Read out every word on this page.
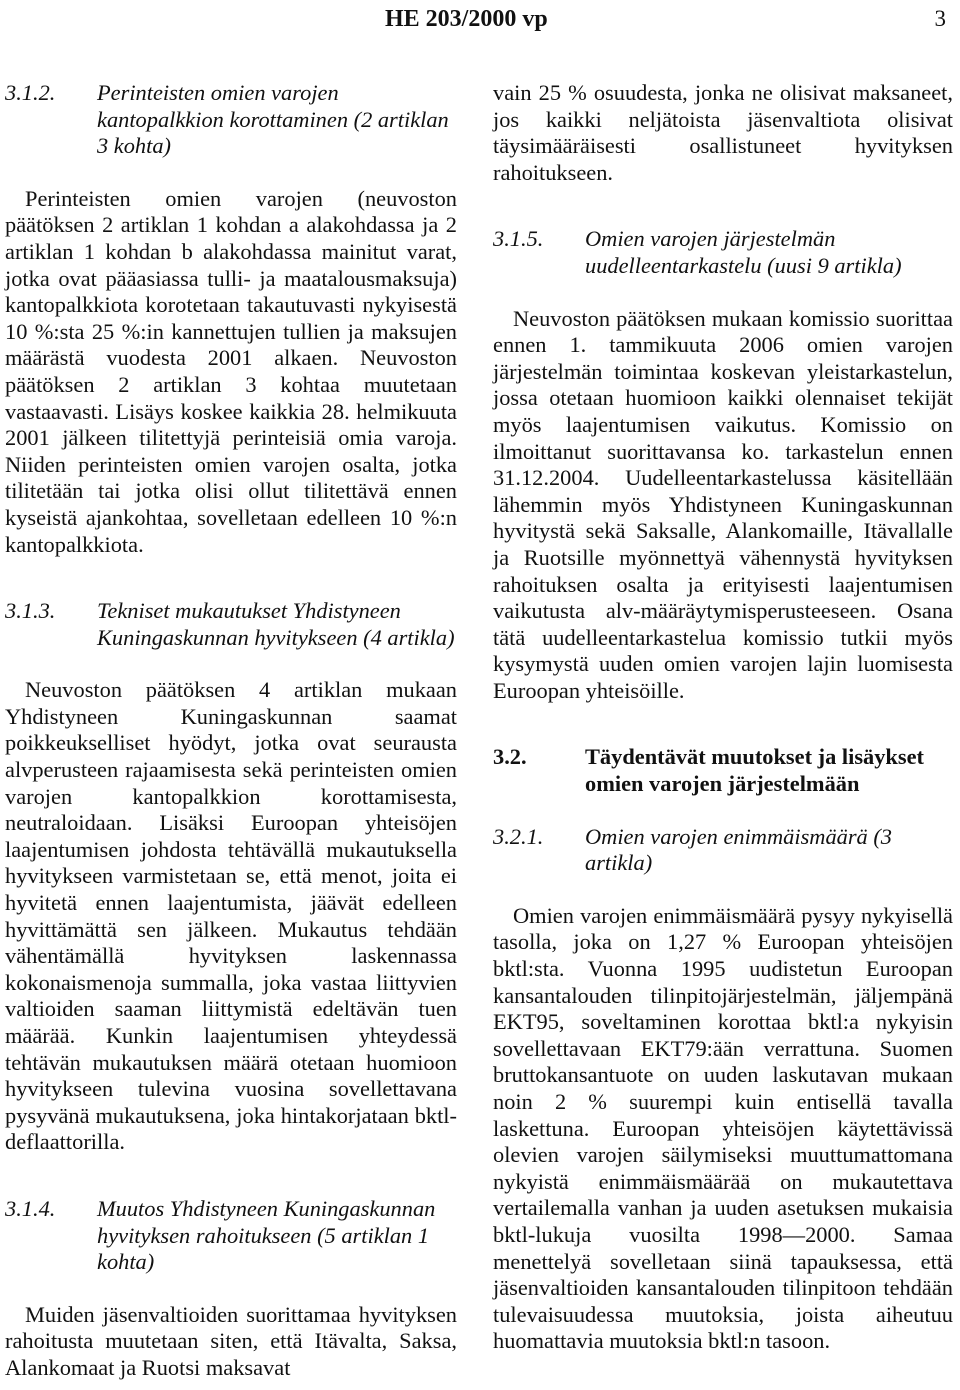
HE 203/2000 vp	3
3.1.2.	Perinteisten omien varojen kantopalkkion korottaminen (2 artiklan 3 kohta)

Perinteisten omien varojen (neuvoston päätöksen 2 artiklan 1 kohdan a alakohdassa ja 2 artiklan 1 kohdan b alakohdassa mainitut varat, jotka ovat pääasiassa tulli- ja maatalousmaksuja) kantopalkkiota korotetaan takautuvasti nykyisestä 10 %:sta 25 %:in kannettujen tullien ja maksujen määrästä vuodesta 2001 alkaen. Neuvoston päätöksen 2 artiklan 3 kohtaa muutetaan vastaavasti. Lisäys koskee kaikkia 28. helmikuuta 2001 jälkeen tilitettyjä perinteisiä omia varoja. Niiden perinteisten omien varojen osalta, jotka tilitetään tai jotka olisi ollut tilitettävä ennen kyseistä ajankohtaa, sovelletaan edelleen 10 %:n kantopalkkiota.

3.1.3.	Tekniset mukautukset Yhdistyneen Kuningaskunnan hyvitykseen (4 artikla)

Neuvoston päätöksen 4 artiklan mukaan Yhdistyneen Kuningaskunnan saamat poikkeukselliset hyödyt, jotka ovat seurausta alvperusteen rajaamisesta sekä perinteisten omien varojen kantopalkkion korottamisesta, neutraloidaan. Lisäksi Euroopan yhteisöjen laajentumisen johdosta tehtävällä mukautuksella hyvitykseen varmistetaan se, että menot, joita ei hyvitetä ennen laajentumista, jäävät edelleen hyvittämättä sen jälkeen. Mukautus tehdään vähentämällä hyvityksen laskennassa kokonaismenoja summalla, joka vastaa liittyvien valtioiden saaman liittymistä edeltävän tuen määrää. Kunkin laajentumisen yhteydessä tehtävän mukautuksen määrä otetaan huomioon hyvitykseen tulevina vuosina sovellettavana pysyvänä mukautuksena, joka hintakorjataan bktl-deflaattorilla.

3.1.4.	Muutos Yhdistyneen Kuningaskunnan hyvityksen rahoitukseen (5 artiklan 1 kohta)

Muiden jäsenvaltioiden suorittamaa hyvityksen rahoitusta muutetaan siten, että Itävalta, Saksa, Alankomaat ja Ruotsi maksavat

vain 25 % osuudesta, jonka ne olisivat maksaneet, jos kaikki neljätoista jäsenvaltiota olisivat täysimääräisesti osallistuneet hyvityksen rahoitukseen.

3.1.5.	Omien varojen järjestelmän uudelleentarkastelu (uusi 9 artikla)

Neuvoston päätöksen mukaan komissio suorittaa ennen 1. tammikuuta 2006 omien varojen järjestelmän toimintaa koskevan yleistarkastelun, jossa otetaan huomioon kaikki olennaiset tekijät myös laajentumisen vaikutus. Komissio on ilmoittanut suorittavansa ko. tarkastelun ennen 31.12.2004. Uudelleentarkastelussa käsitellään lähemmin myös Yhdistyneen Kuningaskunnan hyvitystä sekä Saksalle, Alankomaille, Itävallalle ja Ruotsille myönnettyä vähennystä hyvityksen rahoituksen osalta ja erityisesti laajentumisen vaikutusta alv-määräytymisperusteeseen. Osana tätä uudelleentarkastelua komissio tutkii myös kysymystä uuden omien varojen lajin luomisesta Euroopan yhteisöille.

3.2.	Täydentävät muutokset ja lisäykset omien varojen järjestelmään
3.2.1.	Omien varojen enimmäismäärä (3 artikla)

Omien varojen enimmäismäärä pysyy nykyisellä tasolla, joka on 1,27 % Euroopan yhteisöjen bktl:sta. Vuonna 1995 uudistetun Euroopan kansantalouden tilinpitojärjestelmän, jäljempänä EKT95, soveltaminen korottaa bktl:a nykyisin sovellettavaan EKT79:ään verrattuna. Suomen bruttokansantuote on uuden laskutavan mukaan noin 2 % suurempi kuin entisellä tavalla laskettuna. Euroopan yhteisöjen käytettävissä olevien varojen säilymiseksi muuttumattomana nykyistä enimmäismäärää on mukautettava vertailemalla vanhan ja uuden asetuksen mukaisia bktl-lukuja vuosilta 1998—2000. Samaa menettelyä sovelletaan siinä tapauksessa, että jäsenvaltioiden kansantalouden tilinpitoon tehdään tulevaisuudessa muutoksia, joista aiheutuu huomattavia muutoksia bktl:n tasoon.
